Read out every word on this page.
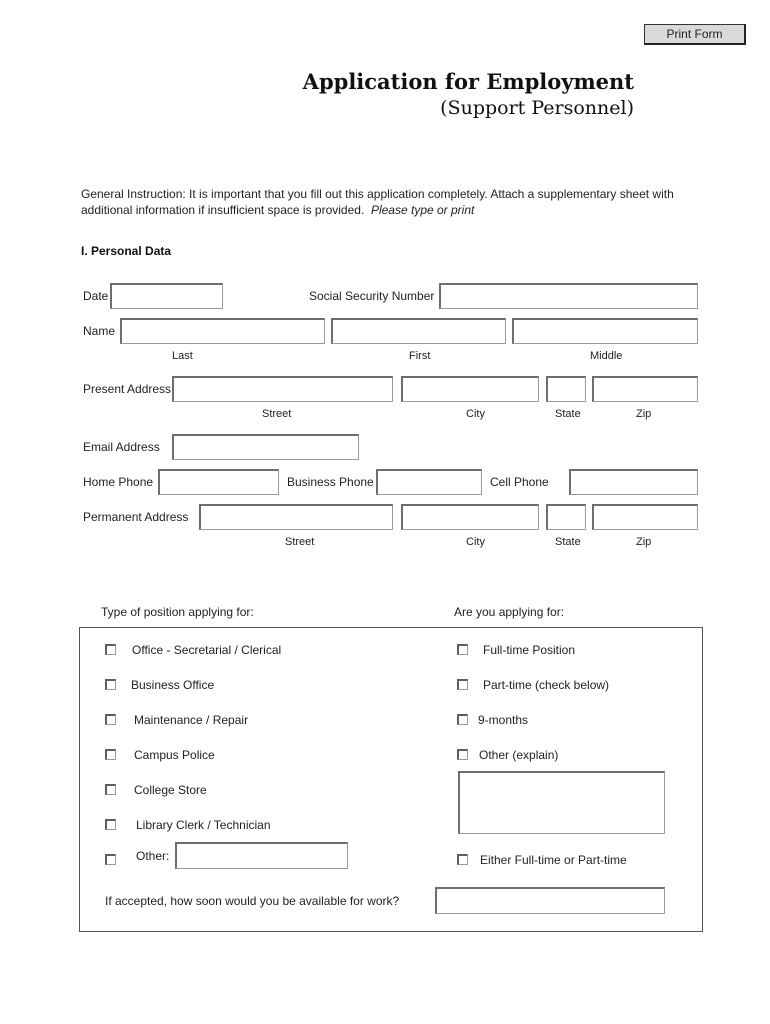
Print Form
Application for Employment
(Support Personnel)
General Instruction: It is important that you fill out this application completely. Attach a supplementary sheet with additional information if insufficient space is provided. Please type or print
I. Personal Data
Date	Social Security Number
Name
Last	First	Middle
Present Address
Street	City	State	Zip
Email Address
Home Phone	Business Phone	Cell Phone
Permanent Address
Street	City	State	Zip
Type of position applying for:	Are you applying for:
Office - Secretarial / Clerical
Business Office
Maintenance / Repair
Campus Police
College Store
Library Clerk / Technician
Other:
Full-time Position
Part-time (check below)
9-months
Other (explain)
Either Full-time or Part-time
If accepted, how soon would you be available for work?
